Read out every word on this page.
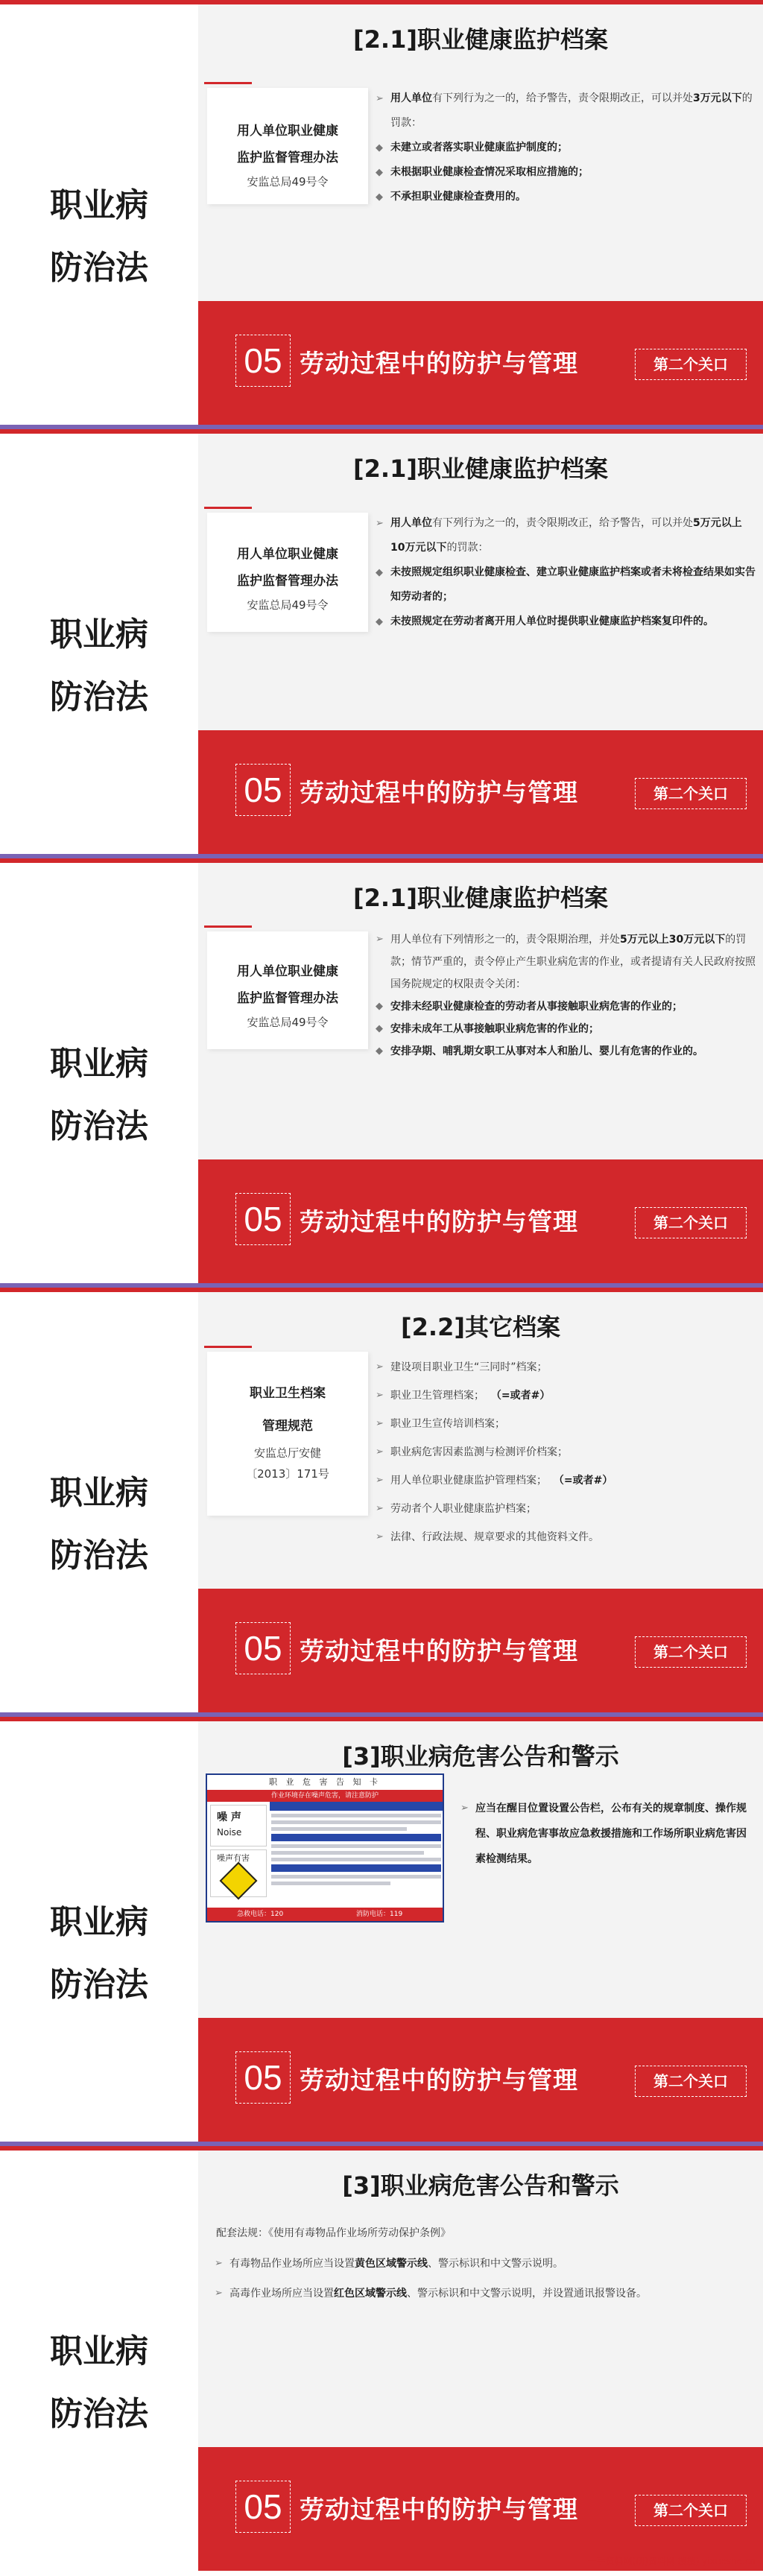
职业病
防治法
[2.1]职业健康监护档案
用人单位职业健康
监护监督管理办法
安监总局49号令
➢ 用人单位有下列行为之一的，给予警告，责令限期改正，可以并处3万元以下的罚款：
◆ 未建立或者落实职业健康监护制度的；
◆ 未根据职业健康检查情况采取相应措施的；
◆ 不承担职业健康检查费用的。
05 劳动过程中的防护与管理	第二个关口
职业病
防治法
[2.1]职业健康监护档案
用人单位职业健康
监护监督管理办法
安监总局49号令
➢ 用人单位有下列行为之一的，责令限期改正，给予警告，可以并处5万元以上10万元以下的罚款：
◆ 未按照规定组织职业健康检查、建立职业健康监护档案或者未将检查结果如实告知劳动者的；
◆ 未按照规定在劳动者离开用人单位时提供职业健康监护档案复印件的。
05 劳动过程中的防护与管理	第二个关口
职业病
防治法
[2.1]职业健康监护档案
用人单位职业健康
监护监督管理办法
安监总局49号令
➢ 用人单位有下列情形之一的，责令限期治理，并处5万元以上30万元以下的罚款；情节严重的，责令停止产生职业病危害的作业，或者提请有关人民政府按照国务院规定的权限责令关闭：
◆ 安排未经职业健康检查的劳动者从事接触职业病危害的作业的；
◆ 安排未成年工从事接触职业病危害的作业的；
◆ 安排孕期、哺乳期女职工从事对本人和胎儿、婴儿有危害的作业的。
05 劳动过程中的防护与管理	第二个关口
职业病
防治法
[2.2]其它档案
职业卫生档案
管理规范
安监总厅安健
〔2013〕171号
➢ 建设项目职业卫生“三同时”档案；
➢ 职业卫生管理档案； （=或者#）
➢ 职业卫生宣传培训档案；
➢ 职业病危害因素监测与检测评价档案；
➢ 用人单位职业健康监护管理档案； （=或者#）
➢ 劳动者个人职业健康监护档案；
➢ 法律、行政法规、规章要求的其他资料文件。
05 劳动过程中的防护与管理	第二个关口
职业病
防治法
[3]职业病危害公告和警示
职 业 危 害 告 知 卡
作业环境存在噪声危害，请注意防护
噪 声
Noise
噪声有害
急救电话：120	消防电话：119
➢ 应当在醒目位置设置公告栏，公布有关的规章制度、操作规程、职业病危害事故应急救援措施和工作场所职业病危害因素检测结果。
05 劳动过程中的防护与管理	第二个关口
职业病
防治法
[3]职业病危害公告和警示
配套法规：《使用有毒物品作业场所劳动保护条例》
➢ 有毒物品作业场所应当设置黄色区域警示线、警示标识和中文警示说明。
➢ 高毒作业场所应当设置红色区域警示线、警示标识和中文警示说明，并设置通讯报警设备。
05 劳动过程中的防护与管理	第二个关口
一手资料网(研)资料网 搜搜) yixueshe.cn
